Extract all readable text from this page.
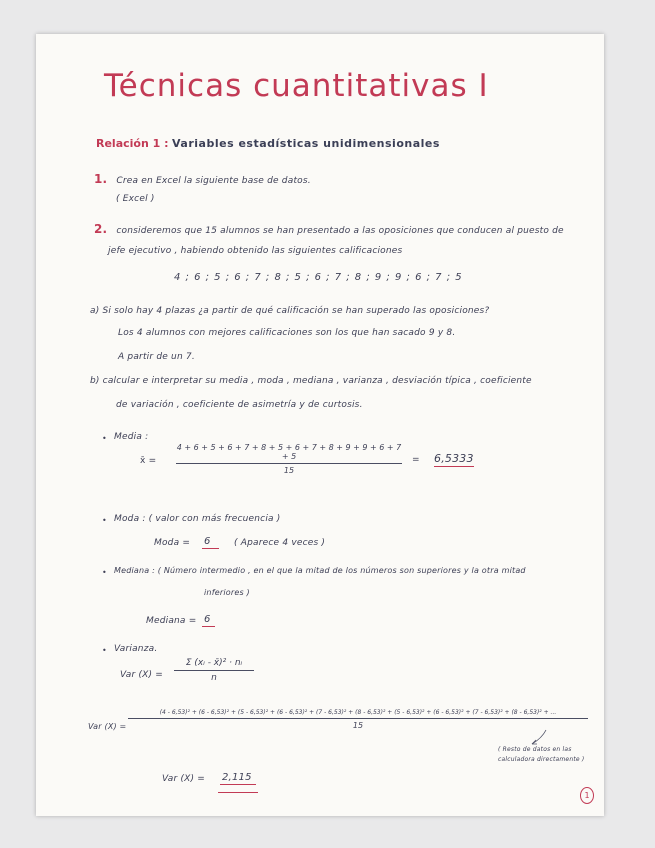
Técnicas cuantitativas I
Relación 1 : Variables estadísticas unidimensionales
1. Crea en Excel la siguiente base de datos.
( Excel )
2. consideremos que 15 alumnos se han presentado a las oposiciones que conducen al puesto de
jefe ejecutivo , habiendo obtenido las siguientes calificaciones
4 ; 6 ; 5 ; 6 ; 7 ; 8 ; 5 ; 6 ; 7 ; 8 ; 9 ; 9 ; 6 ; 7 ; 5
a) Si solo hay 4 plazas ¿a partir de qué calificación se han superado las oposiciones?
Los 4 alumnos con mejores calificaciones son los que han sacado 9 y 8.
A partir de un 7.
b) calcular e interpretar su media , moda , mediana , varianza , desviación típica , coeficiente
de variación , coeficiente de asimetría y de curtosis.
• Media :
x̄ =
4 + 6 + 5 + 6 + 7 + 8 + 5 + 6 + 7 + 8 + 9 + 9 + 6 + 7 + 5
15
= 6,5333
• Moda : ( valor con más frecuencia )
Moda = 6	( Aparece 4 veces )
• Mediana : ( Número intermedio , en el que la mitad de los números son superiores y la otra mitad
inferiores )
Mediana = 6
• Varianza.
Var (X) =
Σ (xᵢ - x̄)² · nᵢ
n
Var (X) =
(4 - 6,53)² + (6 - 6,53)² + (5 - 6,53)² + (6 - 6,53)² + (7 - 6,53)² + (8 - 6,53)² + (5 - 6,53)² + (6 - 6,53)² + (7 - 6,53)² + (8 - 6,53)² + ...
15
( Resto de datos en las
calculadora directamente )
Var (X) = 2,115
1
